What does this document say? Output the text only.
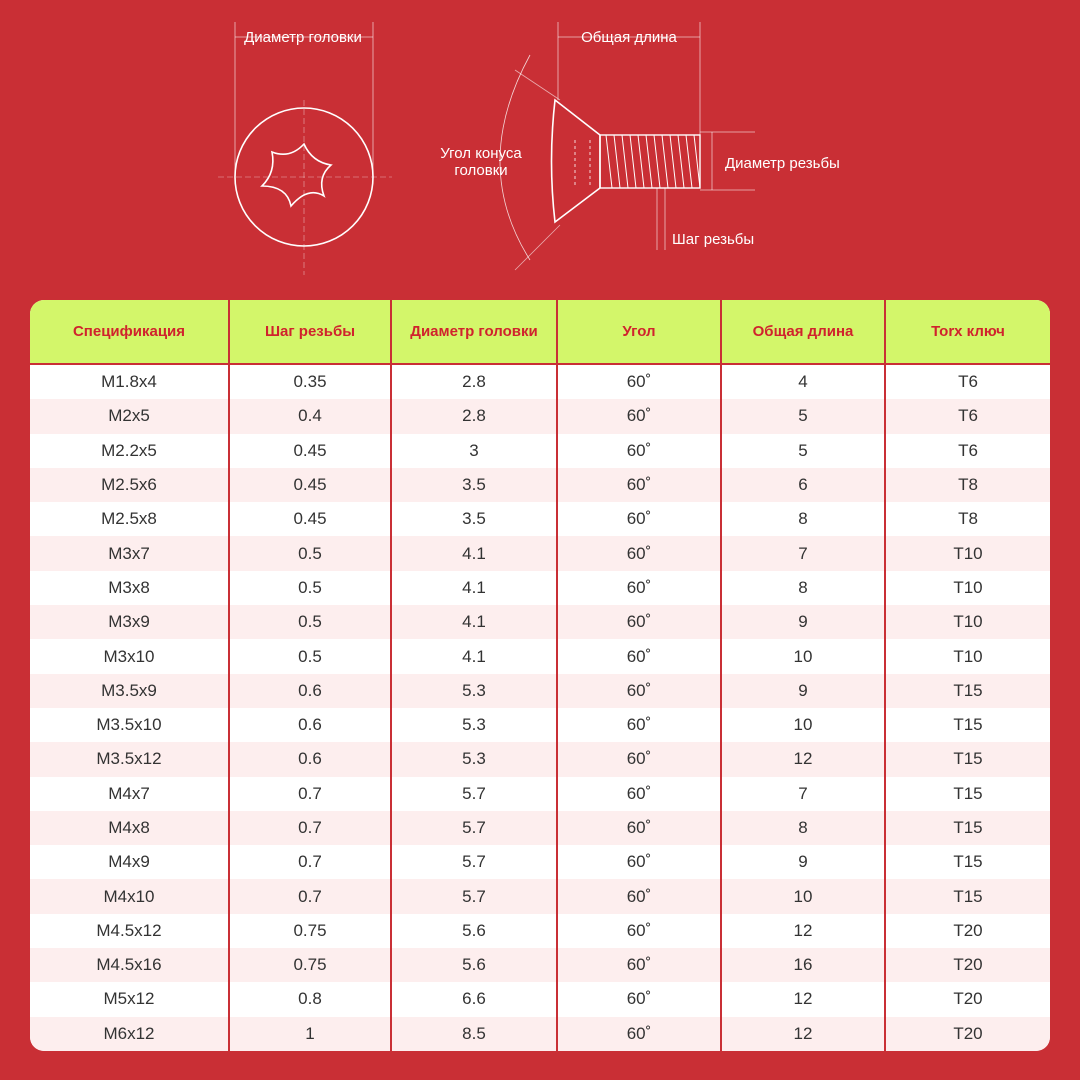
Диаметр головки	Общая длина
Угол конуса
головки	Диаметр резьбы
Шаг резьбы
Спецификация	Шаг резьбы	Диаметр головки	Угол	Общая длина	Torx ключ
M1.8x4	0.35	2.8	60˚	4	T6
M2x5	0.4	2.8	60˚	5	T6
M2.2x5	0.45	3	60˚	5	T6
M2.5x6	0.45	3.5	60˚	6	T8
M2.5x8	0.45	3.5	60˚	8	T8
M3x7	0.5	4.1	60˚	7	T10
M3x8	0.5	4.1	60˚	8	T10
M3x9	0.5	4.1	60˚	9	T10
M3x10	0.5	4.1	60˚	10	T10
M3.5x9	0.6	5.3	60˚	9	T15
M3.5x10	0.6	5.3	60˚	10	T15
M3.5x12	0.6	5.3	60˚	12	T15
M4x7	0.7	5.7	60˚	7	T15
M4x8	0.7	5.7	60˚	8	T15
M4x9	0.7	5.7	60˚	9	T15
M4x10	0.7	5.7	60˚	10	T15
M4.5x12	0.75	5.6	60˚	12	T20
M4.5x16	0.75	5.6	60˚	16	T20
M5x12	0.8	6.6	60˚	12	T20
M6x12	1	8.5	60˚	12	T20
